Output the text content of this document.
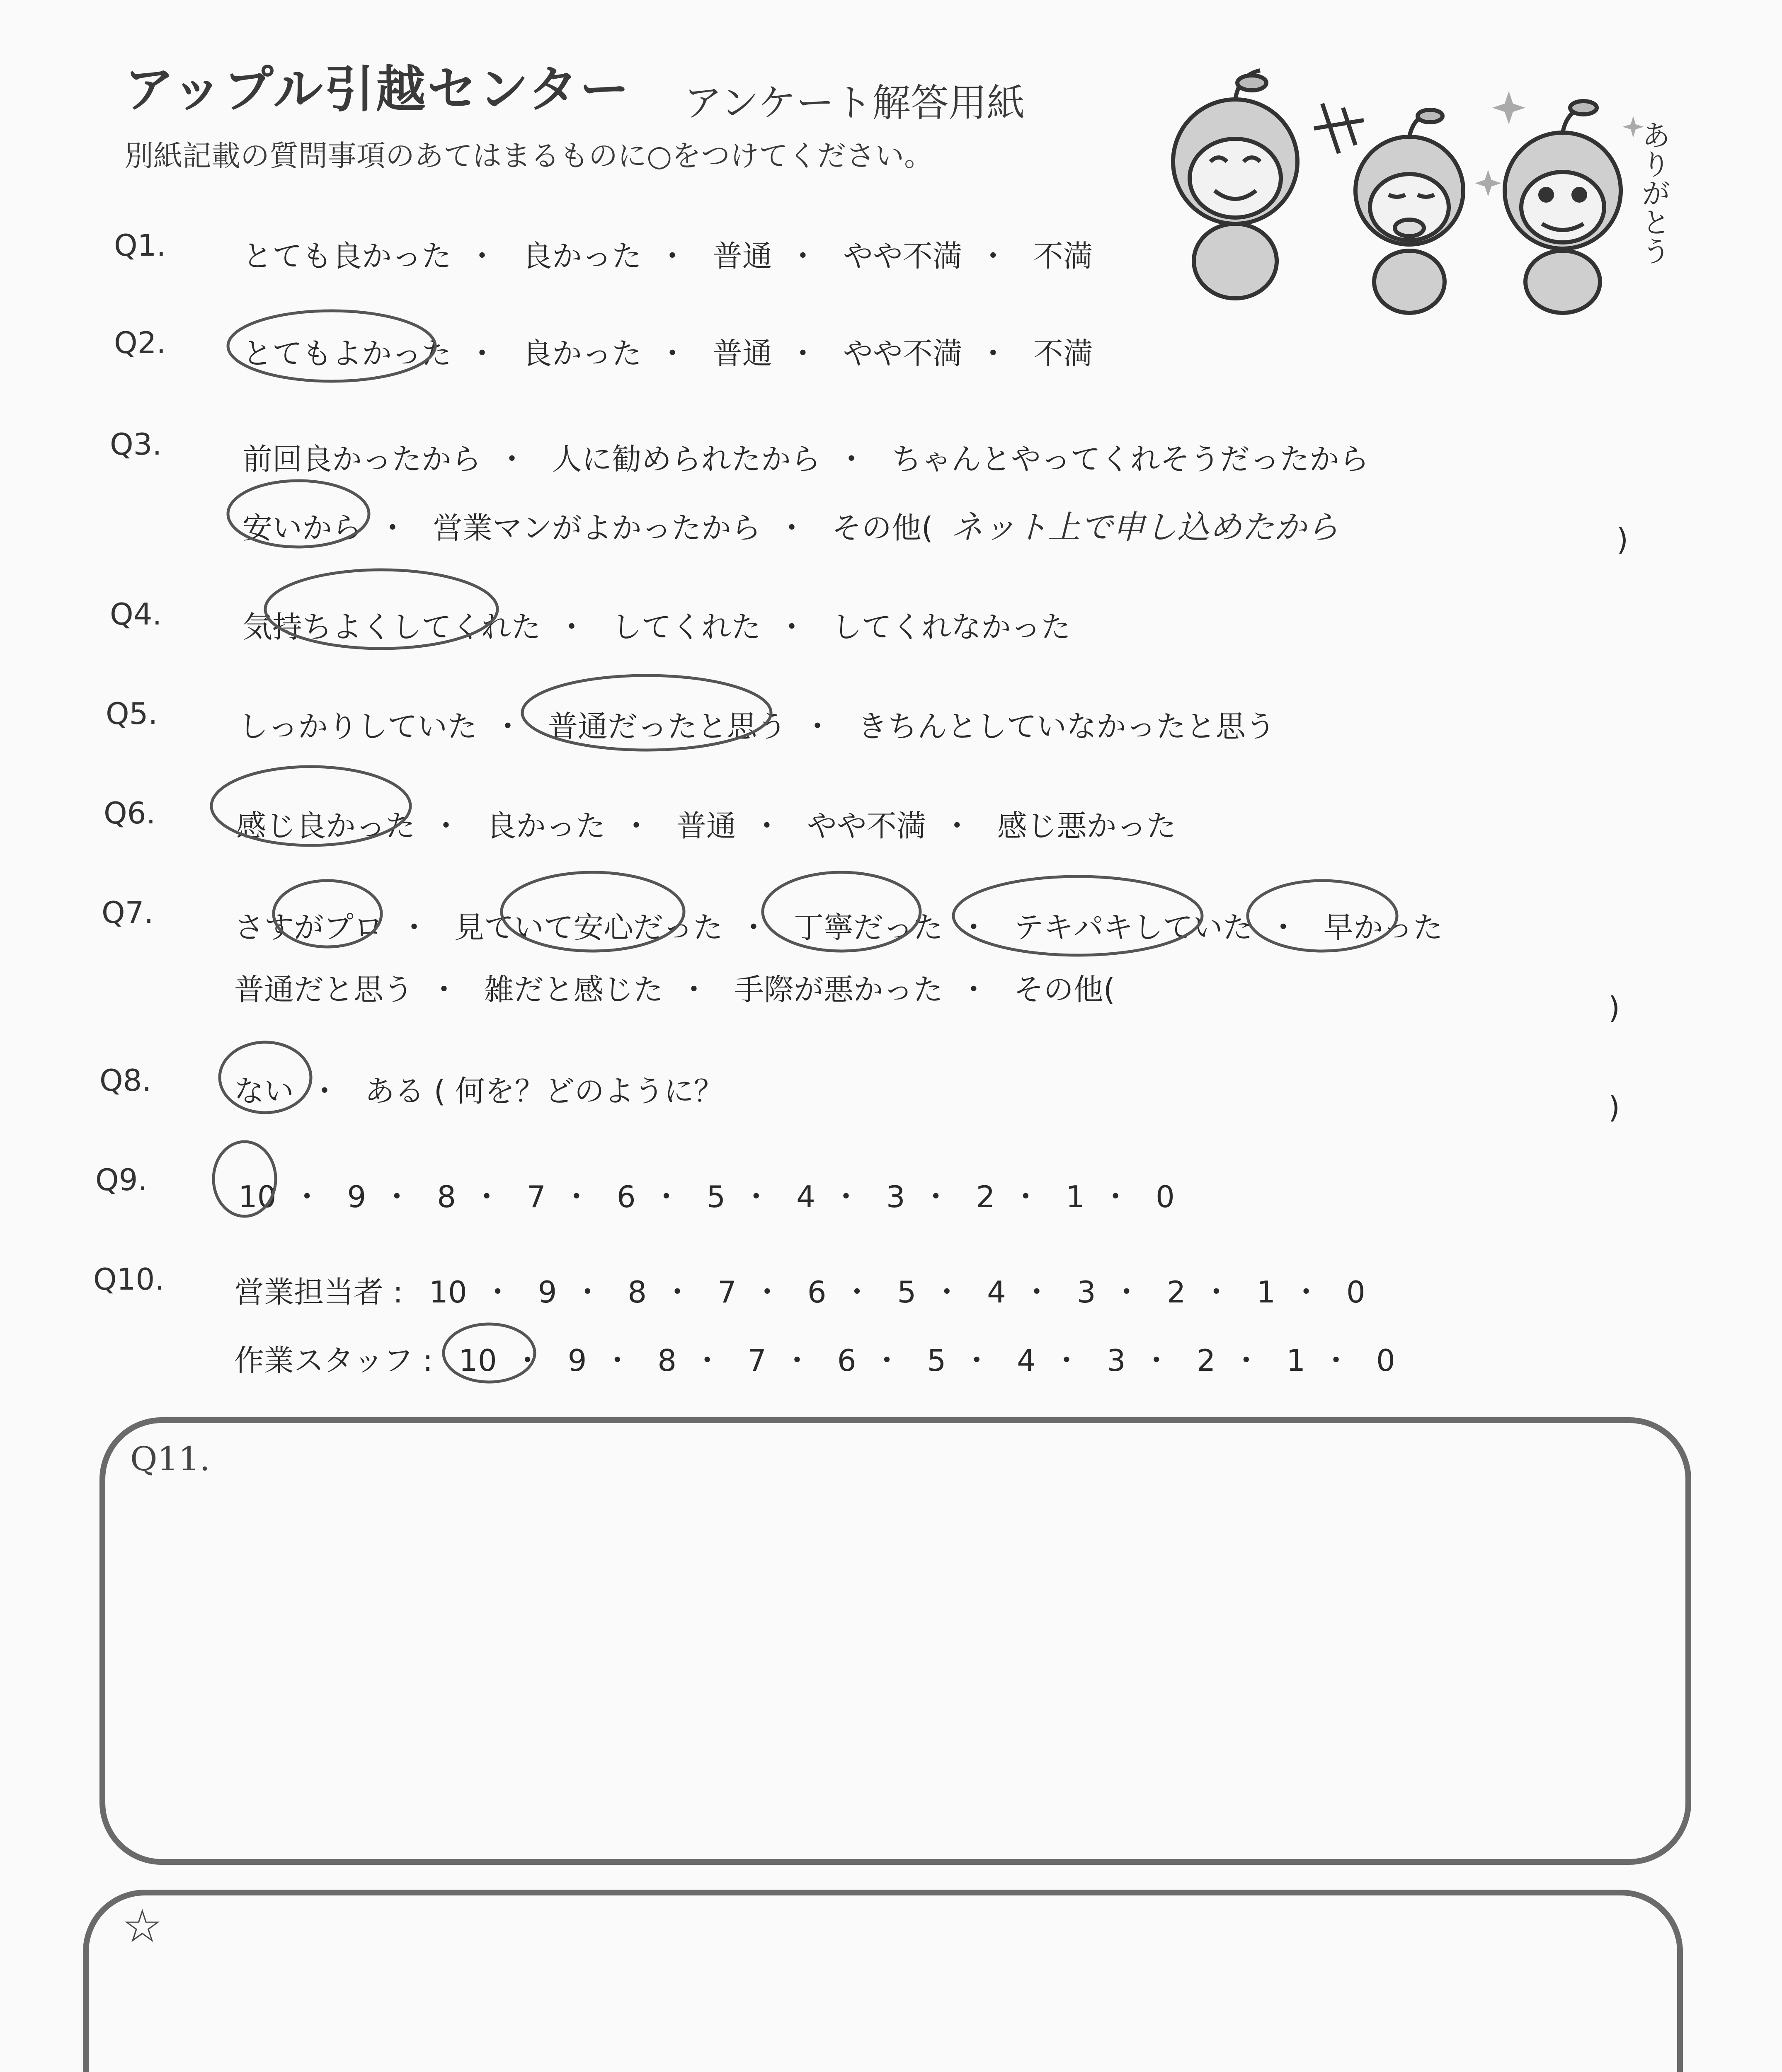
アップル引越センター アンケート解答用紙
別紙記載の質問事項のあてはまるものに○をつけてください。	ありがとう
Q1.	とても良かった ・ 良かった ・ 普通 ・ やや不満 ・ 不満
Q2.	とてもよかった ・ 良かった ・ 普通 ・ やや不満 ・ 不満
Q3.	前回良かったから ・ 人に勧められたから ・ ちゃんとやってくれそうだったから
安いから ・ 営業マンがよかったから ・ その他( ネット上で申し込めたから	)
Q4.	気持ちよくしてくれた ・ してくれた ・ してくれなかった
Q5.	しっかりしていた ・ 普通だったと思う ・ きちんとしていなかったと思う
Q6.	感じ良かった ・ 良かった ・ 普通 ・ やや不満 ・ 感じ悪かった
Q7.	さすがプロ ・ 見ていて安心だった ・ 丁寧だった ・ テキパキしていた ・ 早かった
普通だと思う ・ 雑だと感じた ・ 手際が悪かった ・ その他(
)
Q8.	ない ・ ある ( 何を？どのように？	)
Q9.	10 ・ 9 ・ 8 ・ 7 ・ 6 ・ 5 ・ 4 ・ 3 ・ 2 ・ 1 ・ 0
Q10. 営業担当者 : 10 ・ 9 ・ 8 ・ 7 ・ 6 ・ 5 ・ 4 ・ 3 ・ 2 ・ 1 ・ 0
作業スタッフ : 10 ・ 9 ・ 8 ・ 7 ・ 6 ・ 5 ・ 4 ・ 3 ・ 2 ・ 1 ・ 0
Q11.
☆
